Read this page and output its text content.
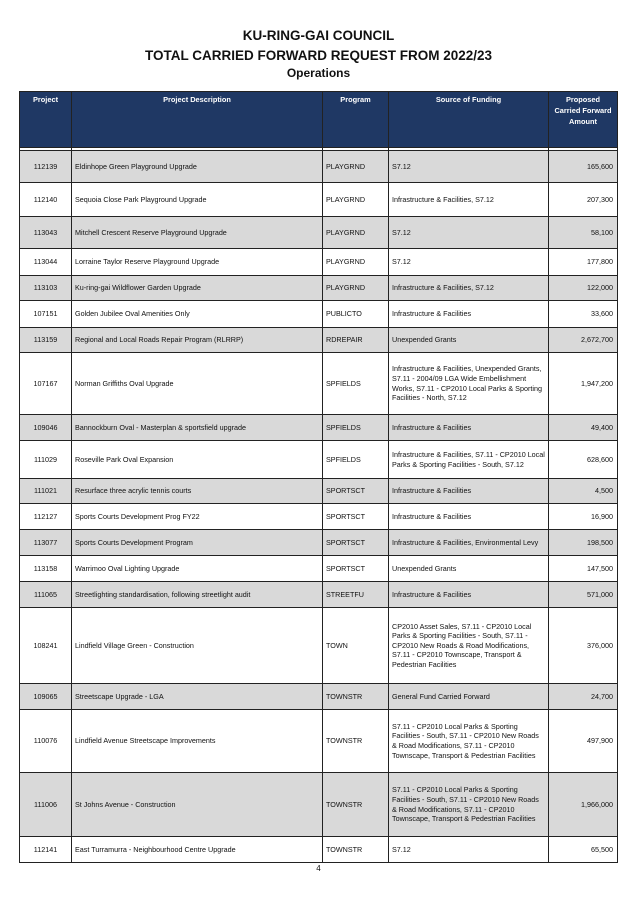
KU-RING-GAI COUNCIL
TOTAL CARRIED FORWARD REQUEST FROM 2022/23
Operations
Project	Project Description	Program	Source of Funding	Proposed Carried Forward Amount

112139	Eldinhope Green Playground Upgrade	PLAYGRND	S7.12	165,600
112140	Sequoia Close Park Playground Upgrade	PLAYGRND	Infrastructure & Facilities, S7.12	207,300
113043	Mitchell Crescent Reserve Playground Upgrade	PLAYGRND	S7.12	58,100
113044	Lorraine Taylor Reserve Playground Upgrade	PLAYGRND	S7.12	177,800
113103	Ku-ring-gai Wildflower Garden Upgrade	PLAYGRND	Infrastructure & Facilities, S7.12	122,000
107151	Golden Jubilee Oval Amenities Only	PUBLICTO	Infrastructure & Facilities	33,600
113159	Regional and Local Roads Repair Program (RLRRP)	RDREPAIR	Unexpended Grants	2,672,700
107167	Norman Griffiths Oval Upgrade	SPFIELDS	Infrastructure & Facilities, Unexpended Grants, S7.11 - 2004/09 LGA Wide Embellishment Works, S7.11 - CP2010 Local Parks & Sporting Facilities - North, S7.12	1,947,200
109046	Bannockburn Oval - Masterplan & sportsfield upgrade	SPFIELDS	Infrastructure & Facilities	49,400
111029	Roseville Park Oval Expansion	SPFIELDS	Infrastructure & Facilities, S7.11 - CP2010 Local Parks & Sporting Facilities - South, S7.12	628,600
111021	Resurface three acrylic tennis courts	SPORTSCT	Infrastructure & Facilities	4,500
112127	Sports Courts Development Prog FY22	SPORTSCT	Infrastructure & Facilities	16,900
113077	Sports Courts Development Program	SPORTSCT	Infrastructure & Facilities, Environmental Levy	198,500
113158	Warrimoo Oval Lighting Upgrade	SPORTSCT	Unexpended Grants	147,500
111065	Streetlighting standardisation, following streetlight audit	STREETFU	Infrastructure & Facilities	571,000
108241	Lindfield Village Green - Construction	TOWN	CP2010 Asset Sales, S7.11 - CP2010 Local Parks & Sporting Facilities - South, S7.11 - CP2010 New Roads & Road Modifications, S7.11 - CP2010 Townscape, Transport & Pedestrian Facilities	376,000
109065	Streetscape Upgrade - LGA	TOWNSTR	General Fund Carried Forward	24,700
110076	Lindfield Avenue Streetscape Improvements	TOWNSTR	S7.11 - CP2010 Local Parks & Sporting Facilities - South, S7.11 - CP2010 New Roads & Road Modifications, S7.11 - CP2010 Townscape, Transport & Pedestrian Facilities	497,900
111006	St Johns Avenue - Construction	TOWNSTR	S7.11 - CP2010 Local Parks & Sporting Facilities - South, S7.11 - CP2010 New Roads & Road Modifications, S7.11 - CP2010 Townscape, Transport & Pedestrian Facilities	1,966,000
112141	East Turramurra - Neighbourhood Centre Upgrade	TOWNSTR	S7.12	65,500
4
